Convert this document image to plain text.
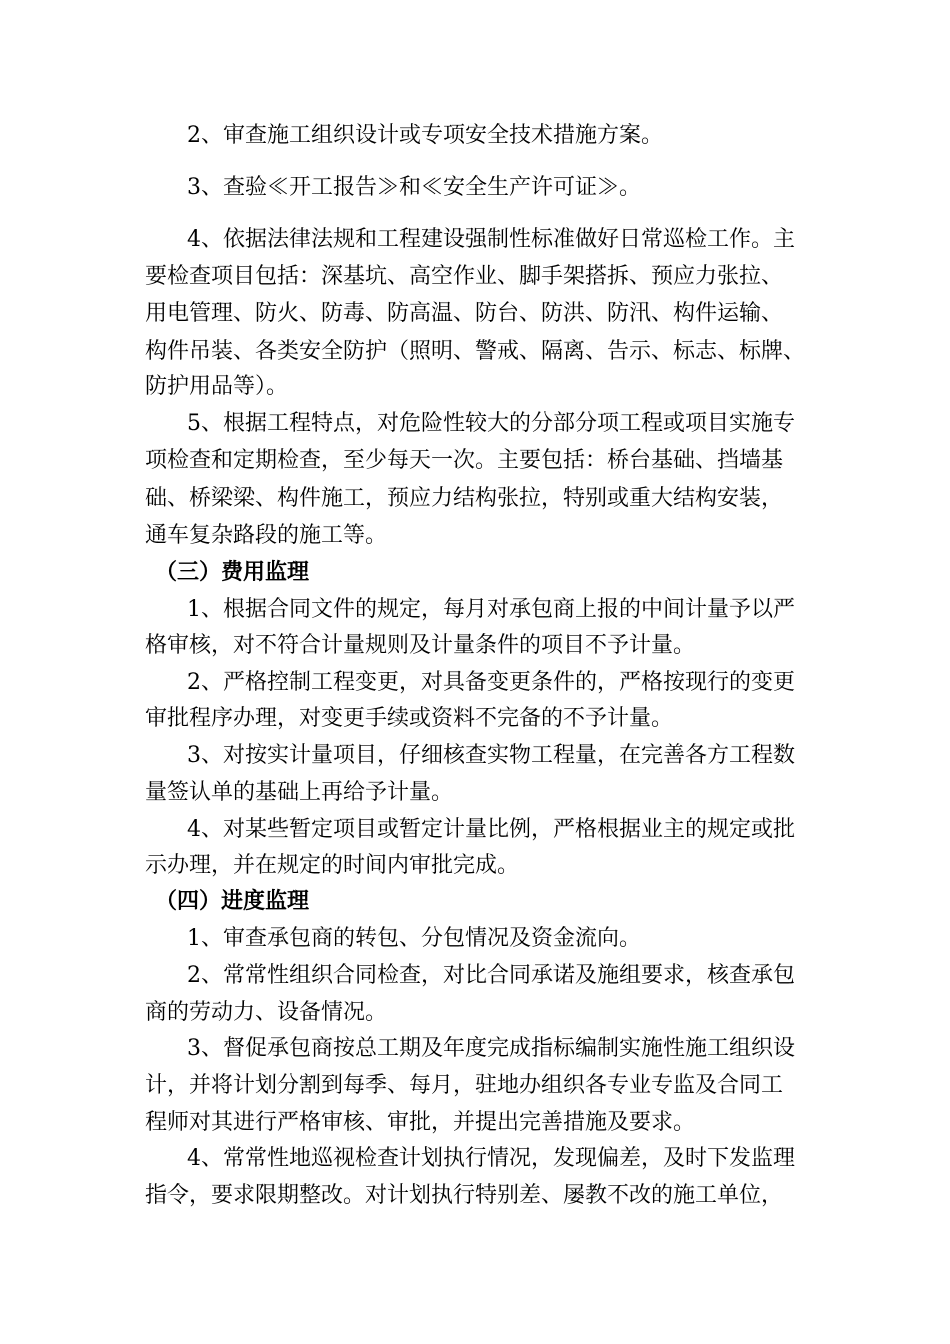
2、审查施工组织设计或专项安全技术措施方案。
3、查验≪开工报告≫和≪安全生产许可证≫。
4、依据法律法规和工程建设强制性标准做好日常巡检工作。主
要检查项目包括：深基坑、高空作业、脚手架搭拆、预应力张拉、
用电管理、防火、防毒、防高温、防台、防洪、防汛、构件运输、
构件吊装、各类安全防护（照明、警戒、隔离、告示、标志、标牌、
防护用品等）。
5、根据工程特点，对危险性较大的分部分项工程或项目实施专
项检查和定期检查，至少每天一次。主要包括：桥台基础、挡墙基
础、桥梁梁、构件施工，预应力结构张拉，特别或重大结构安装，
通车复杂路段的施工等。
（三）费用监理
1、根据合同文件的规定，每月对承包商上报的中间计量予以严
格审核，对不符合计量规则及计量条件的项目不予计量。
2、严格控制工程变更，对具备变更条件的，严格按现行的变更
审批程序办理，对变更手续或资料不完备的不予计量。
3、对按实计量项目，仔细核查实物工程量，在完善各方工程数
量签认单的基础上再给予计量。
4、对某些暂定项目或暂定计量比例，严格根据业主的规定或批
示办理，并在规定的时间内审批完成。
（四）进度监理
1、审查承包商的转包、分包情况及资金流向。
2、常常性组织合同检查，对比合同承诺及施组要求，核查承包
商的劳动力、设备情况。
3、督促承包商按总工期及年度完成指标编制实施性施工组织设
计，并将计划分割到每季、每月，驻地办组织各专业专监及合同工
程师对其进行严格审核、审批，并提出完善措施及要求。
4、常常性地巡视检查计划执行情况，发现偏差，及时下发监理
指令，要求限期整改。对计划执行特别差、屡教不改的施工单位，
